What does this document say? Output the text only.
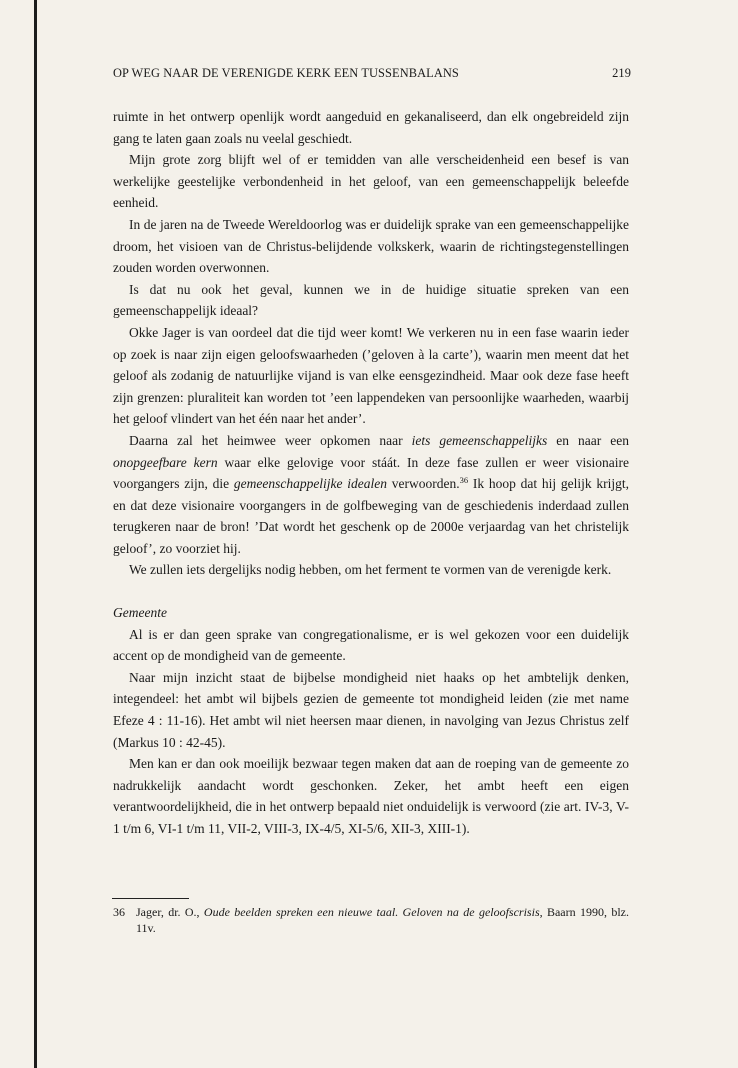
OP WEG NAAR DE VERENIGDE KERK EEN TUSSENBALANS	219

ruimte in het ontwerp openlijk wordt aangeduid en gekanaliseerd, dan elk ongebreideld zijn gang te laten gaan zoals nu veelal geschiedt.

Mijn grote zorg blijft wel of er temidden van alle verscheidenheid een besef is van werkelijke geestelijke verbondenheid in het geloof, van een gemeenschappelijk beleefde eenheid.

In de jaren na de Tweede Wereldoorlog was er duidelijk sprake van een gemeenschappelijke droom, het visioen van de Christus-belijdende volkskerk, waarin de richtingstegenstellingen zouden worden overwonnen.

Is dat nu ook het geval, kunnen we in de huidige situatie spreken van een gemeenschappelijk ideaal?

Okke Jager is van oordeel dat die tijd weer komt! We verkeren nu in een fase waarin ieder op zoek is naar zijn eigen geloofswaarheden (’geloven à la carte’), waarin men meent dat het geloof als zodanig de natuurlijke vijand is van elke eensgezindheid. Maar ook deze fase heeft zijn grenzen: pluraliteit kan worden tot ’een lappendeken van persoonlijke waarheden, waarbij het geloof vlindert van het één naar het ander’.

Daarna zal het heimwee weer opkomen naar iets gemeenschappelijks en naar een onopgeefbare kern waar elke gelovige voor stáát. In deze fase zullen er weer visionaire voorgangers zijn, die gemeenschappelijke idealen verwoorden.$^{36}$ Ik hoop dat hij gelijk krijgt, en dat deze visionaire voorgangers in de golfbeweging van de geschiedenis inderdaad zullen terugkeren naar de bron! ’Dat wordt het geschenk op de 2000e verjaardag van het christelijk geloof’, zo voorziet hij.

We zullen iets dergelijks nodig hebben, om het ferment te vormen van de verenigde kerk.

Gemeente

Al is er dan geen sprake van congregationalisme, er is wel gekozen voor een duidelijk accent op de mondigheid van de gemeente.

Naar mijn inzicht staat de bijbelse mondigheid niet haaks op het ambtelijk denken, integendeel: het ambt wil bijbels gezien de gemeente tot mondigheid leiden (zie met name Efeze 4 : 11-16). Het ambt wil niet heersen maar dienen, in navolging van Jezus Christus zelf (Markus 10 : 42-45).

Men kan er dan ook moeilijk bezwaar tegen maken dat aan de roeping van de gemeente zo nadrukkelijk aandacht wordt geschonken. Zeker, het ambt heeft een eigen verantwoordelijkheid, die in het ontwerp bepaald niet onduidelijk is verwoord (zie art. IV-3, V-1 t/m 6, VI-1 t/m 11, VII-2, VIII-3, IX-4/5, XI-5/6, XII-3, XIII-1).

36 Jager, dr. O., Oude beelden spreken een nieuwe taal. Geloven na de geloofscrisis, Baarn 1990, blz. 11v.
